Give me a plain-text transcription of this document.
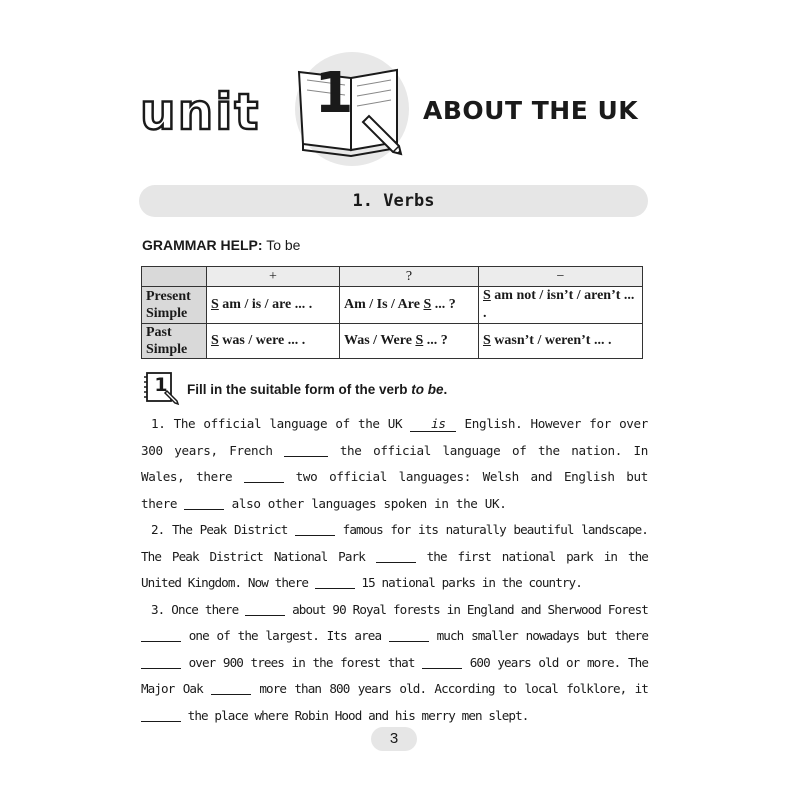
unit 1	ABOUT THE UK
1. Verbs
GRAMMAR HELP: To be
	+	?	−
Present
Simple	S am / is / are ... .	Am / Is / Are S ... ?	S am not / isn’t / aren’t ... .
Past
Simple	S was / were ... .	Was / Were S ... ?	S wasn’t / weren’t ... .
1	Fill in the suitable form of the verb to be.
1. The official language of the UK is English. However for over 300 years, French	the official language of the nation. In Wales, there	two official languages: Welsh and English but there	also other languages spoken in the UK.
2. The Peak District	famous for its naturally beautiful landscape. The Peak District National Park	the first national park in the United Kingdom. Now there	15 national parks in the country.
3. Once there	about 90 Royal forests in England and Sherwood Forest  one of the largest. Its area	much smaller nowadays but there  over 900 trees in the forest that	600 years old or more. The Major Oak	more than 800 years old. According to local folklore, it  the place where Robin Hood and his merry men slept.
3
